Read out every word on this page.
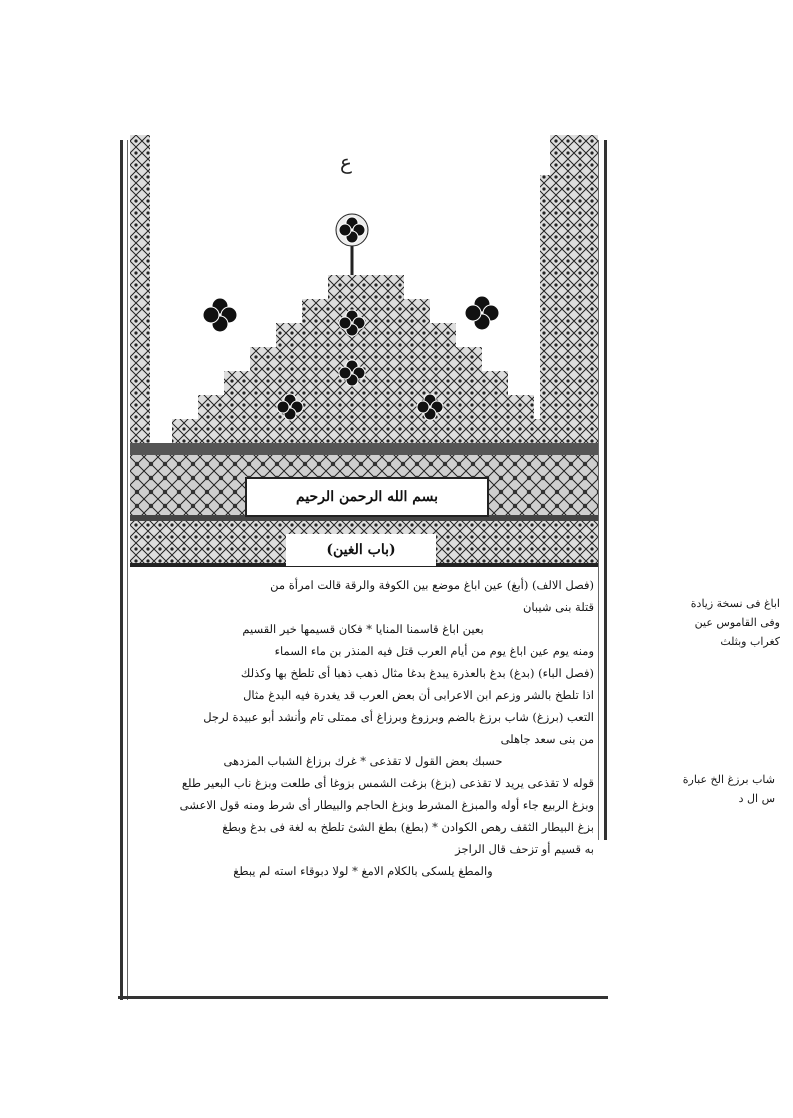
ع
بسم الله الرحمن الرحيم
(باب الغين)
(فصل الالف) (أبغ) عين اباغ موضع بين الكوفة والرقة قالت امرأة من
قتلة بنى شيبان
بعين اباغ قاسمنا المنايا * فكان قسيمها خير القسيم
ومنه يوم عين اباغ يوم من أيام العرب قتل فيه المنذر بن ماء السماء
(فصل الباء) (بدغ) بدغ بالعذرة يبدغ بدغا مثال ذهب ذهبا أى تلطخ بها وكذلك
اذا تلطخ بالشر وزعم ابن الاعرابى أن بعض العرب قد يغدرة فيه البدغ مثال
التعب (برزغ) شاب برزغ بالضم وبرزوغ وبرزاغ أى ممتلى تام وأنشد أبو عبيدة لرجل
من بنى سعد جاهلى
حسبك بعض القول لا تقذعى * غرك برزاغ الشباب المزدهى
قوله لا تقذعى يريد لا تقذعى (بزغ) بزغت الشمس بزوغا أى طلعت وبزغ ناب البعير طلع
وبزغ الربيع جاء أوله والمبزغ المشرط وبزغ الحاجم والبيطار أى شرط ومنه قول الاعشى
بزغ البيطار الثقف رهص الكوادن * (بطغ) بطغ الشئ تلطخ به لغة فى بدغ وبطغ
به قسيم أو تزحف قال الراجز
والمطغ يلسكى بالكلام الامغ * لولا دبوقاء استه لم يبطغ
اباغ فى نسخة زيادة
وفى القاموس عين
كغراب وبثلث
شاب برزغ الخ عبارة
س ال د
